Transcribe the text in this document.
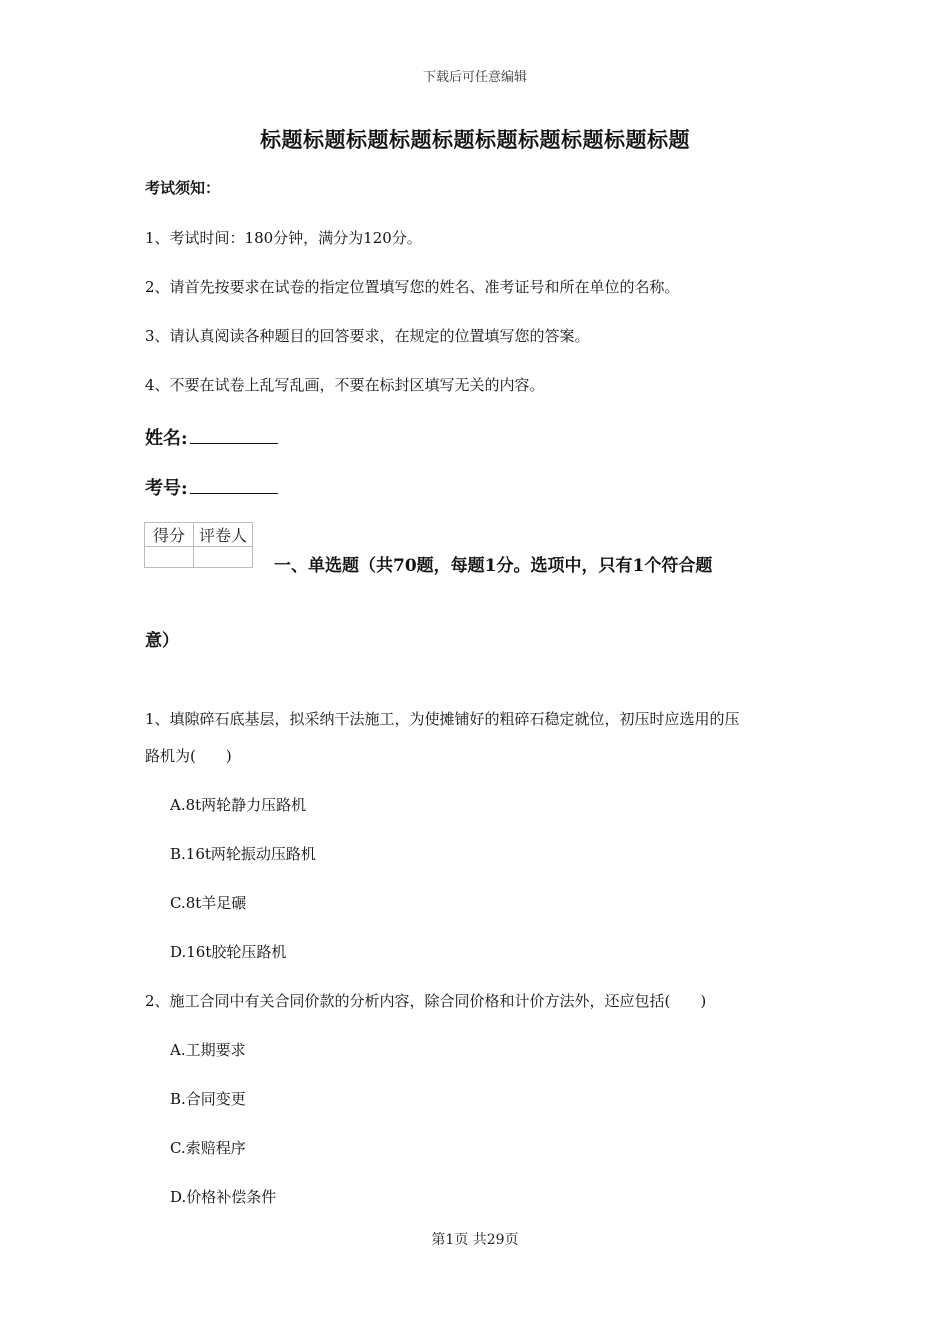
下载后可任意编辑
标题标题标题标题标题标题标题标题标题标题
考试须知：
1、考试时间：180分钟，满分为120分。
2、请首先按要求在试卷的指定位置填写您的姓名、准考证号和所在单位的名称。
3、请认真阅读各种题目的回答要求，在规定的位置填写您的答案。
4、不要在试卷上乱写乱画，不要在标封区填写无关的内容。
姓名:
考号:
得分	评卷人

一、单选题（共70题，每题1分。选项中，只有1个符合题
意）
1、填隙碎石底基层，拟采纳干法施工，为使摊铺好的粗碎石稳定就位，初压时应选用的压
路机为(　　)
A.8t两轮静力压路机
B.16t两轮振动压路机
C.8t羊足碾
D.16t胶轮压路机
2、施工合同中有关合同价款的分析内容，除合同价格和计价方法外，还应包括(　　)
A.工期要求
B.合同变更
C.索赔程序
D.价格补偿条件
第1页 共29页
